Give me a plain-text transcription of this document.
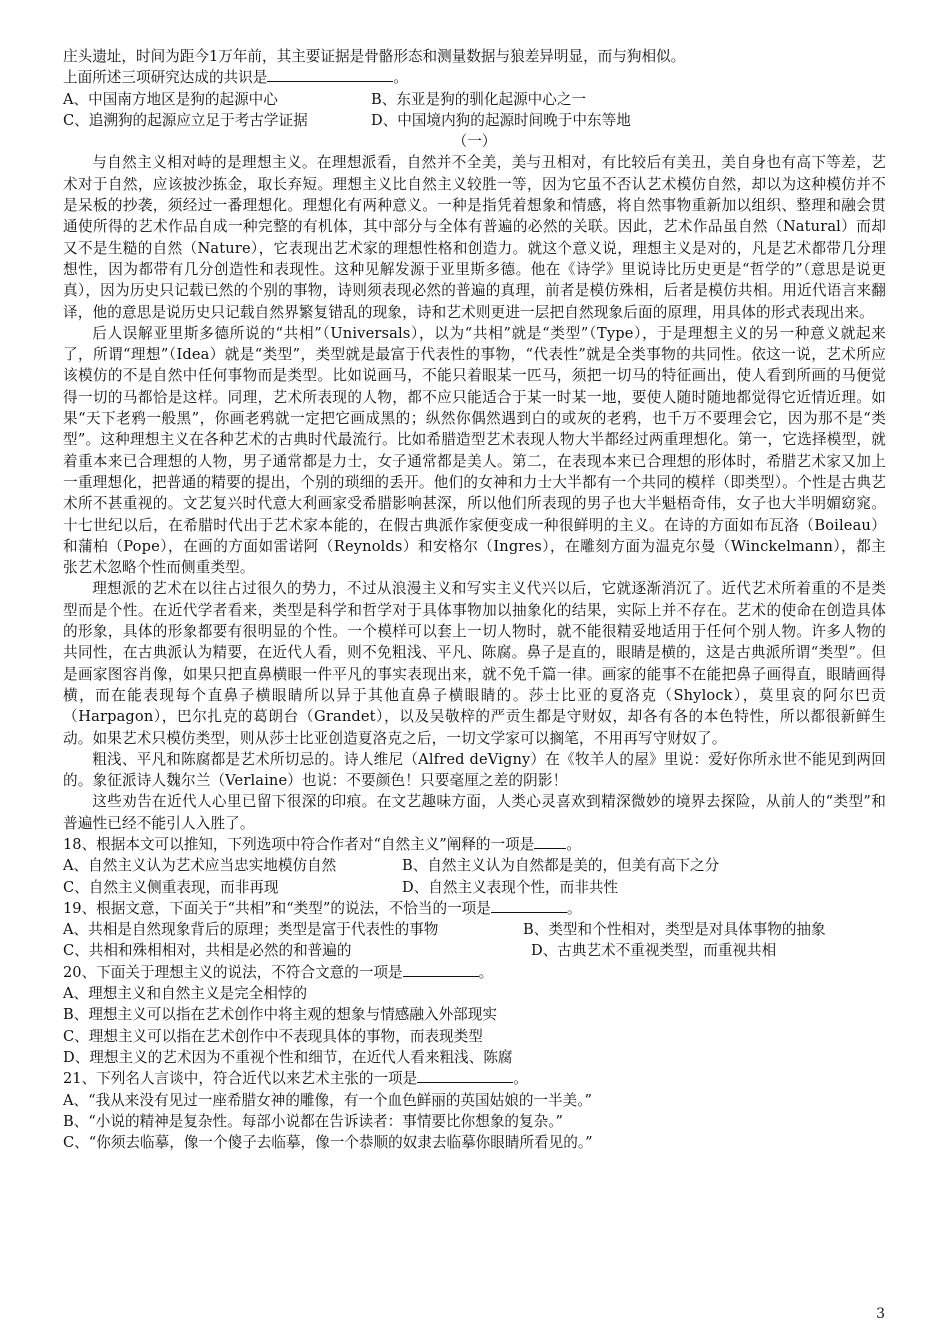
庄头遗址，时间为距今1万年前，其主要证据是骨骼形态和测量数据与狼差异明显，而与狗相似。
上面所述三项研究达成的共识是	。
A、中国南方地区是狗的起源中心	B、东亚是狗的驯化起源中心之一
C、追溯狗的起源应立足于考古学证据	D、中国境内狗的起源时间晚于中东等地
（一）
与自然主义相对峙的是理想主义。在理想派看，自然并不全美，美与丑相对，有比较后有美丑，美自身也有高下等差，艺术对于自然，应该披沙拣金，取长弃短。理想主义比自然主义较胜一等，因为它虽不否认艺术模仿自然，却以为这种模仿并不是呆板的抄袭，须经过一番理想化。理想化有两种意义。一种是指凭着想象和情感，将自然事物重新加以组织、整理和融会贯通使所得的艺术作品自成一种完整的有机体，其中部分与全体有普遍的必然的关联。因此，艺术作品虽自然（Natural）而却又不是生糙的自然（Nature），它表现出艺术家的理想性格和创造力。就这个意义说，理想主义是对的，凡是艺术都带几分理想性，因为都带有几分创造性和表现性。这种见解发源于亚里斯多德。他在《诗学》里说诗比历史更是“哲学的”（意思是说更真），因为历史只记载已然的个别的事物，诗则须表现必然的普遍的真理，前者是模仿殊相，后者是模仿共相。用近代语言来翻译，他的意思是说历史只记载自然界繁复错乱的现象，诗和艺术则更进一层把自然现象后面的原理，用具体的形式表现出来。
后人误解亚里斯多德所说的“共相”（Universals），以为“共相”就是“类型”（Type），于是理想主义的另一种意义就起来了，所谓“理想”（Idea）就是“类型”，类型就是最富于代表性的事物，“代表性”就是全类事物的共同性。依这一说，艺术所应该模仿的不是自然中任何事物而是类型。比如说画马，不能只着眼某一匹马，须把一切马的特征画出，使人看到所画的马便觉得一切的马都恰是这样。同理，艺术所表现的人物，都不应只能适合于某一时某一地，要使人随时随地都觉得它近情近理。如果“天下老鸦一般黑”，你画老鸦就一定把它画成黑的；纵然你偶然遇到白的或灰的老鸦，也千万不要理会它，因为那不是“类型”。这种理想主义在各种艺术的古典时代最流行。比如希腊造型艺术表现人物大半都经过两重理想化。第一，它选择模型，就着重本来已合理想的人物，男子通常都是力士，女子通常都是美人。第二，在表现本来已合理想的形体时，希腊艺术家又加上一重理想化，把普通的精要的提出，个别的琐细的丢开。他们的女神和力士大半都有一个共同的模样（即类型）。个性是古典艺术所不甚重视的。文艺复兴时代意大利画家受希腊影响甚深，所以他们所表现的男子也大半魁梧奇伟，女子也大半明媚窈窕。十七世纪以后，在希腊时代出于艺术家本能的，在假古典派作家便变成一种很鲜明的主义。在诗的方面如布瓦洛（Boileau）和蒲柏（Pope），在画的方面如雷诺阿（Reynolds）和安格尔（Ingres），在雕刻方面为温克尔曼（Winckelmann），都主张艺术忽略个性而侧重类型。
理想派的艺术在以往占过很久的势力，不过从浪漫主义和写实主义代兴以后，它就逐渐消沉了。近代艺术所着重的不是类型而是个性。在近代学者看来，类型是科学和哲学对于具体事物加以抽象化的结果，实际上并不存在。艺术的使命在创造具体的形象，具体的形象都要有很明显的个性。一个模样可以套上一切人物时，就不能很精妥地适用于任何个别人物。许多人物的共同性，在古典派认为精要，在近代人看，则不免粗浅、平凡、陈腐。鼻子是直的，眼睛是横的，这是古典派所谓“类型”。但是画家图容肖像，如果只把直鼻横眼一件平凡的事实表现出来，就不免千篇一律。画家的能事不在能把鼻子画得直，眼睛画得横，而在能表现每个直鼻子横眼睛所以异于其他直鼻子横眼睛的。莎士比亚的夏洛克（Shylock），莫里哀的阿尔巴贡（Harpagon），巴尔扎克的葛朗台（Grandet），以及吴敬梓的严贡生都是守财奴，却各有各的本色特性，所以都很新鲜生动。如果艺术只模仿类型，则从莎士比亚创造夏洛克之后，一切文学家可以搁笔，不用再写守财奴了。
粗浅、平凡和陈腐都是艺术所切忌的。诗人维尼（Alfred deVigny）在《牧羊人的屋》里说：爱好你所永世不能见到两回的。象征派诗人魏尔兰（Verlaine）也说：不要颜色！只要毫厘之差的阴影！
这些劝告在近代人心里已留下很深的印痕。在文艺趣味方面，人类心灵喜欢到精深微妙的境界去探险，从前人的“类型”和普遍性已经不能引人入胜了。
18、根据本文可以推知，下列选项中符合作者对“自然主义”阐释的一项是 。
A、自然主义认为艺术应当忠实地模仿自然	B、自然主义认为自然都是美的，但美有高下之分
C、自然主义侧重表现，而非再现	D、自然主义表现个性，而非共性
19、根据文意，下面关于“共相”和“类型”的说法，不恰当的一项是	。
A、共相是自然现象背后的原理；类型是富于代表性的事物	B、类型和个性相对，类型是对具体事物的抽象
C、共相和殊相相对，共相是必然的和普遍的	D、古典艺术不重视类型，而重视共相
20、下面关于理想主义的说法，不符合文意的一项是	。
A、理想主义和自然主义是完全相悖的
B、理想主义可以指在艺术创作中将主观的想象与情感融入外部现实
C、理想主义可以指在艺术创作中不表现具体的事物，而表现类型
D、理想主义的艺术因为不重视个性和细节，在近代人看来粗浅、陈腐
21、下列名人言谈中，符合近代以来艺术主张的一项是	。
A、“我从来没有见过一座希腊女神的雕像，有一个血色鲜丽的英国姑娘的一半美。”
B、“小说的精神是复杂性。每部小说都在告诉读者：事情要比你想象的复杂。”
C、“你须去临摹，像一个傻子去临摹，像一个恭顺的奴隶去临摹你眼睛所看见的。”
3
